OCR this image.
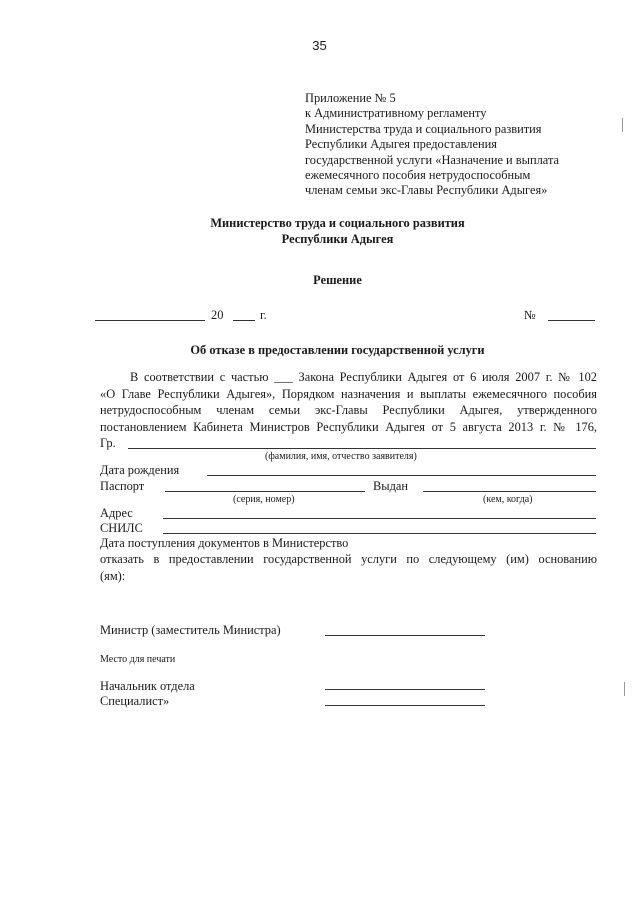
35
Приложение № 5
к Административному регламенту
Министерства труда и социального развития
Республики Адыгея предоставления
государственной услуги «Назначение и выплата
ежемесячного пособия нетрудоспособным
членам семьи экс-Главы Республики Адыгея»
Министерство труда и социального развития
Республики Адыгея
Решение
20	г.	№
Об отказе в предоставлении государственной услуги
В соответствии с частью ___ Закона Республики Адыгея от 6 июля 2007 г. № 102
«О Главе Республики Адыгея», Порядком назначения и выплаты ежемесячного пособия
нетрудоспособным членам семьи экс-Главы Республики Адыгея, утвержденного
постановлением Кабинета Министров Республики Адыгея от 5 августа 2013 г. № 176,
Гр.
(фамилия, имя, отчество заявителя)
Дата рождения
Паспорт	Выдан
(серия, номер)	(кем, когда)
Адрес
СНИЛС
Дата поступления документов в Министерство
отказать в предоставлении государственной услуги по следующему (им) основанию
(ям):
Министр (заместитель Министра)
Место для печати
Начальник отдела
Специалист»
